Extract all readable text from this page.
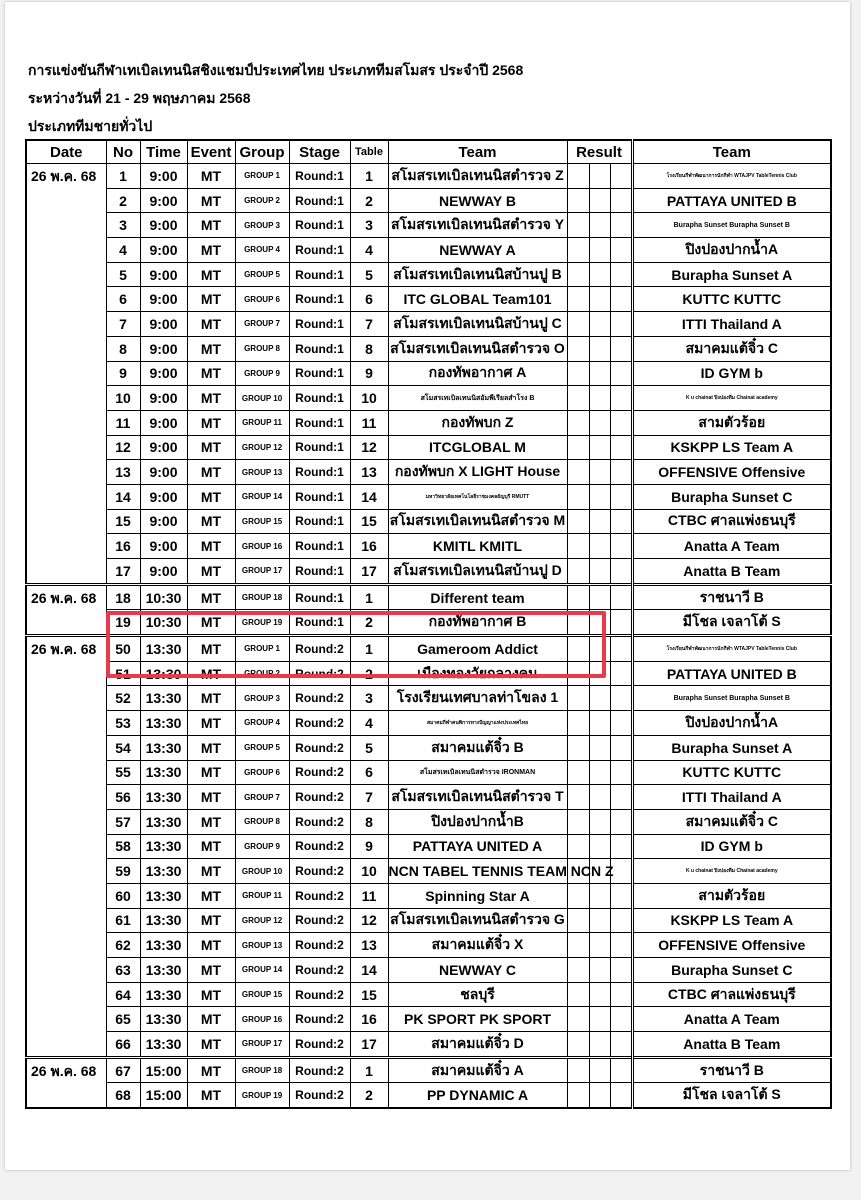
การแข่งขันกีฬาเทเบิลเทนนิสชิงแชมป์ประเทศไทย ประเภททีมสโมสร ประจำปี 2568
ระหว่างวันที่ 21 - 29 พฤษภาคม 2568
ประเภททีมชายทั่วไป
Date	No	Time	Event	Group	Stage	Table	Team	Result			Team
26 พ.ค. 68	1	9:00	MT	GROUP 1	Round:1	1	สโมสรเทเบิลเทนนิสตำรวจ Z				โรงเรียนกีฬาพัฒนาการนักกีฬา WTAJPV TableTennis Club
	2	9:00	MT	GROUP 2	Round:1	2	NEWWAY B				PATTAYA UNITED B
	3	9:00	MT	GROUP 3	Round:1	3	สโมสรเทเบิลเทนนิสตำรวจ Y				Burapha Sunset Burapha Sunset B
	4	9:00	MT	GROUP 4	Round:1	4	NEWWAY A				ปิงปองปากน้ำA
	5	9:00	MT	GROUP 5	Round:1	5	สโมสรเทเบิลเทนนิสบ้านปู B				Burapha Sunset A
	6	9:00	MT	GROUP 6	Round:1	6	ITC GLOBAL Team101				KUTTC KUTTC
	7	9:00	MT	GROUP 7	Round:1	7	สโมสรเทเบิลเทนนิสบ้านปู C				ITTI Thailand A
	8	9:00	MT	GROUP 8	Round:1	8	สโมสรเทเบิลเทนนิสตำรวจ O				สมาคมแต้จิ๋ว C
	9	9:00	MT	GROUP 9	Round:1	9	กองทัพอากาศ A				ID GYM b
	10	9:00	MT	GROUP 10	Round:1	10	สโมสรเทเบิลเทนนิสอัมพีเรียลสำโรง B				K u chainat ปิงปองทีม Chainat academy
	11	9:00	MT	GROUP 11	Round:1	11	กองทัพบก Z				สามตัวร้อย
	12	9:00	MT	GROUP 12	Round:1	12	ITCGLOBAL M				KSKPP LS Team A
	13	9:00	MT	GROUP 13	Round:1	13	กองทัพบก X LIGHT House				OFFENSIVE Offensive
	14	9:00	MT	GROUP 14	Round:1	14	มหาวิทยาลัยเทคโนโลยีราชมงคลธัญบุรี RMUTT				Burapha Sunset C
	15	9:00	MT	GROUP 15	Round:1	15	สโมสรเทเบิลเทนนิสตำรวจ M				CTBC ศาลแพ่งธนบุรี
	16	9:00	MT	GROUP 16	Round:1	16	KMITL KMITL				Anatta A Team
	17	9:00	MT	GROUP 17	Round:1	17	สโมสรเทเบิลเทนนิสบ้านปู D				Anatta B Team
26 พ.ค. 68	18	10:30	MT	GROUP 18	Round:1	1	Different team				ราชนาวี B
	19	10:30	MT	GROUP 19	Round:1	2	กองทัพอากาศ B				มีโชล เจลาโต้ S
26 พ.ค. 68	50	13:30	MT	GROUP 1	Round:2	1	Gameroom Addict				โรงเรียนกีฬาพัฒนาการนักกีฬา WTAJPV TableTennis Club
	51	13:30	MT	GROUP 2	Round:2	2	เมืองทองวัยกลางคน				PATTAYA UNITED B
	52	13:30	MT	GROUP 3	Round:2	3	โรงเรียนเทศบาลท่าโขลง 1				Burapha Sunset Burapha Sunset B
	53	13:30	MT	GROUP 4	Round:2	4	สมาคมกีฬาคนพิการทางปัญญาแห่งประเทศไทย				ปิงปองปากน้ำA
	54	13:30	MT	GROUP 5	Round:2	5	สมาคมแต้จิ๋ว B				Burapha Sunset A
	55	13:30	MT	GROUP 6	Round:2	6	สโมสรเทเบิลเทนนิสตำรวจ IRONMAN				KUTTC KUTTC
	56	13:30	MT	GROUP 7	Round:2	7	สโมสรเทเบิลเทนนิสตำรวจ T				ITTI Thailand A
	57	13:30	MT	GROUP 8	Round:2	8	ปิงปองปากน้ำB				สมาคมแต้จิ๋ว C
	58	13:30	MT	GROUP 9	Round:2	9	PATTAYA UNITED A				ID GYM b
	59	13:30	MT	GROUP 10	Round:2	10	NCN TABEL TENNIS TEAM NCN Z				K u chainat ปิงปองทีม Chainat academy
	60	13:30	MT	GROUP 11	Round:2	11	Spinning Star A				สามตัวร้อย
	61	13:30	MT	GROUP 12	Round:2	12	สโมสรเทเบิลเทนนิสตำรวจ G				KSKPP LS Team A
	62	13:30	MT	GROUP 13	Round:2	13	สมาคมแต้จิ๋ว X				OFFENSIVE Offensive
	63	13:30	MT	GROUP 14	Round:2	14	NEWWAY C				Burapha Sunset C
	64	13:30	MT	GROUP 15	Round:2	15	ชลบุรี				CTBC ศาลแพ่งธนบุรี
	65	13:30	MT	GROUP 16	Round:2	16	PK SPORT PK SPORT				Anatta A Team
	66	13:30	MT	GROUP 17	Round:2	17	สมาคมแต้จิ๋ว D				Anatta B Team
26 พ.ค. 68	67	15:00	MT	GROUP 18	Round:2	1	สมาคมแต้จิ๋ว A				ราชนาวี B
	68	15:00	MT	GROUP 19	Round:2	2	PP DYNAMIC A				มีโชล เจลาโต้ S
